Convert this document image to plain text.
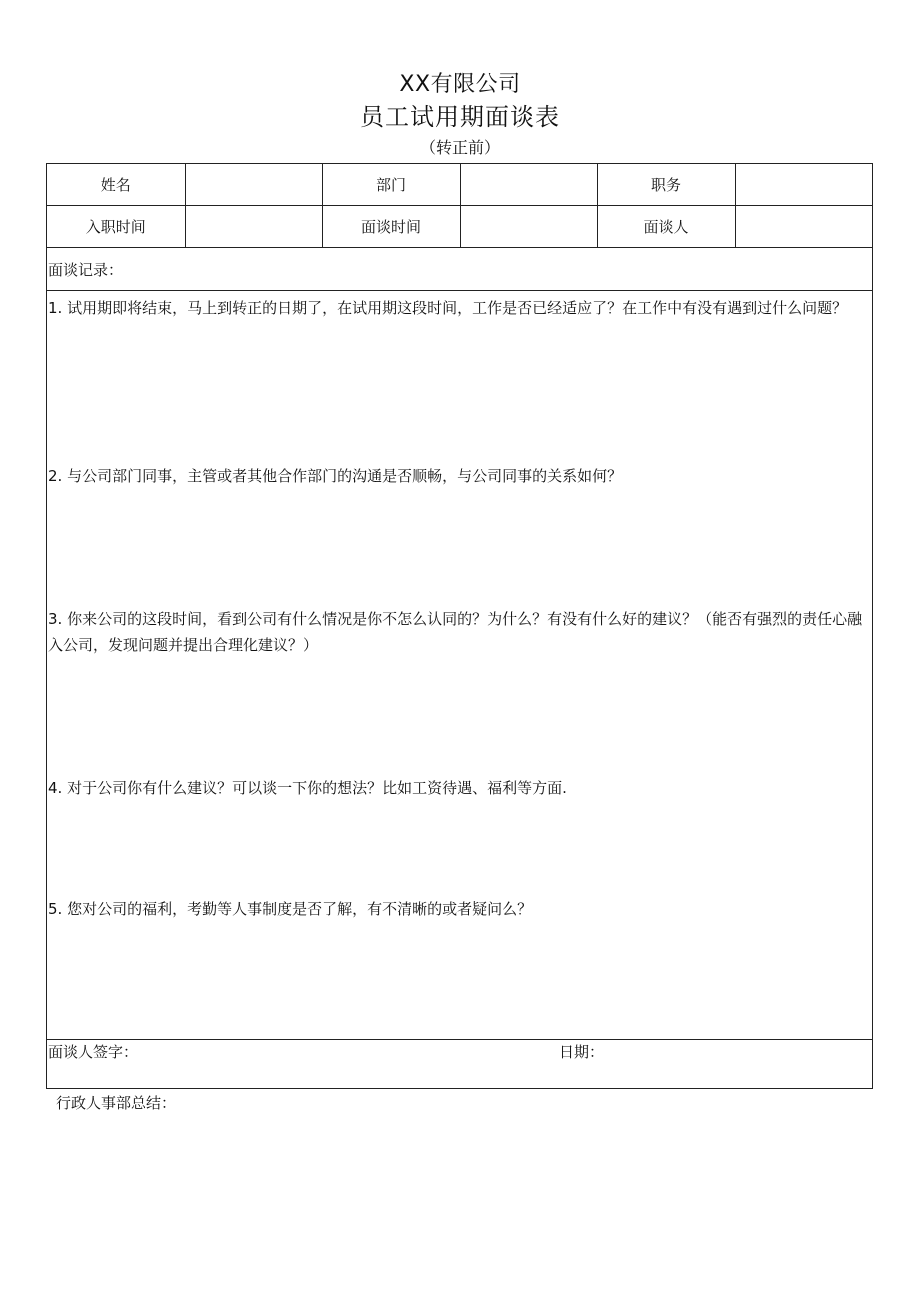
XX有限公司
员工试用期面谈表
（转正前）
姓名		部门		职务	
入职时间		面谈时间		面谈人	
面谈记录：
1. 试用期即将结束，马上到转正的日期了，在试用期这段时间，工作是否已经适应了？在工作中有没有遇到过什么问题？
2. 与公司部门同事，主管或者其他合作部门的沟通是否顺畅，与公司同事的关系如何？
3. 你来公司的这段时间，看到公司有什么情况是你不怎么认同的？为什么？有没有什么好的建议？（能否有强烈的责任心融入公司，发现问题并提出合理化建议？）
4. 对于公司你有什么建议？可以谈一下你的想法？比如工资待遇、福利等方面.
5. 您对公司的福利，考勤等人事制度是否了解，有不清晰的或者疑问么？
面谈人签字：	日期：
行政人事部总结：
